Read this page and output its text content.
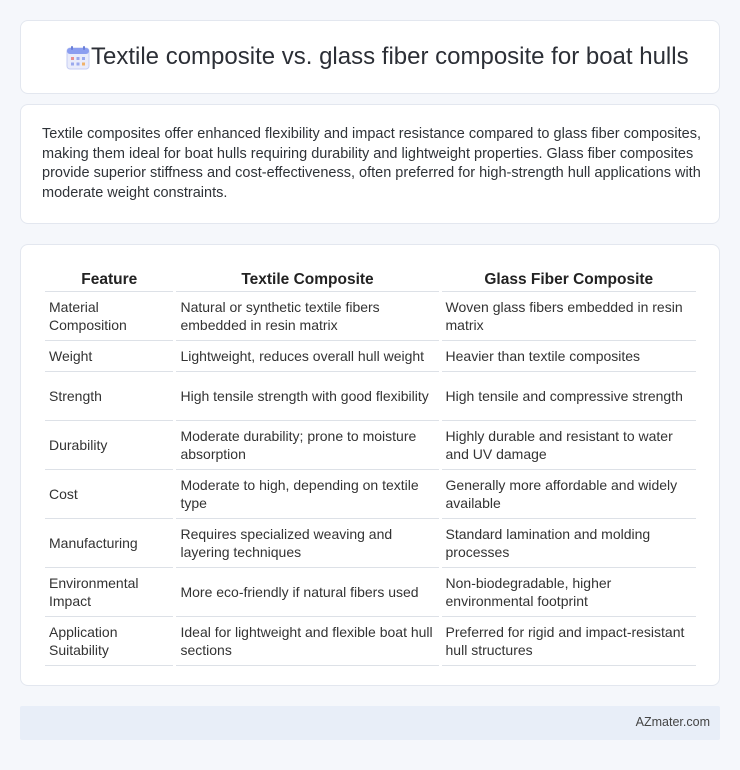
Textile composite vs. glass fiber composite for boat hulls

Textile composites offer enhanced flexibility and impact resistance compared to glass fiber composites, making them ideal for boat hulls requiring durability and lightweight properties. Glass fiber composites provide superior stiffness and cost-effectiveness, often preferred for high-strength hull applications with moderate weight constraints.

Feature	Textile Composite	Glass Fiber Composite
Material Composition	Natural or synthetic textile fibers embedded in resin matrix	Woven glass fibers embedded in resin matrix
Weight	Lightweight, reduces overall hull weight	Heavier than textile composites
Strength	High tensile strength with good flexibility	High tensile and compressive strength
Durability	Moderate durability; prone to moisture absorption	Highly durable and resistant to water and UV damage
Cost	Moderate to high, depending on textile type	Generally more affordable and widely available
Manufacturing	Requires specialized weaving and layering techniques	Standard lamination and molding processes
Environmental Impact	More eco-friendly if natural fibers used	Non-biodegradable, higher environmental footprint
Application Suitability	Ideal for lightweight and flexible boat hull sections	Preferred for rigid and impact-resistant hull structures
AZmater.com
